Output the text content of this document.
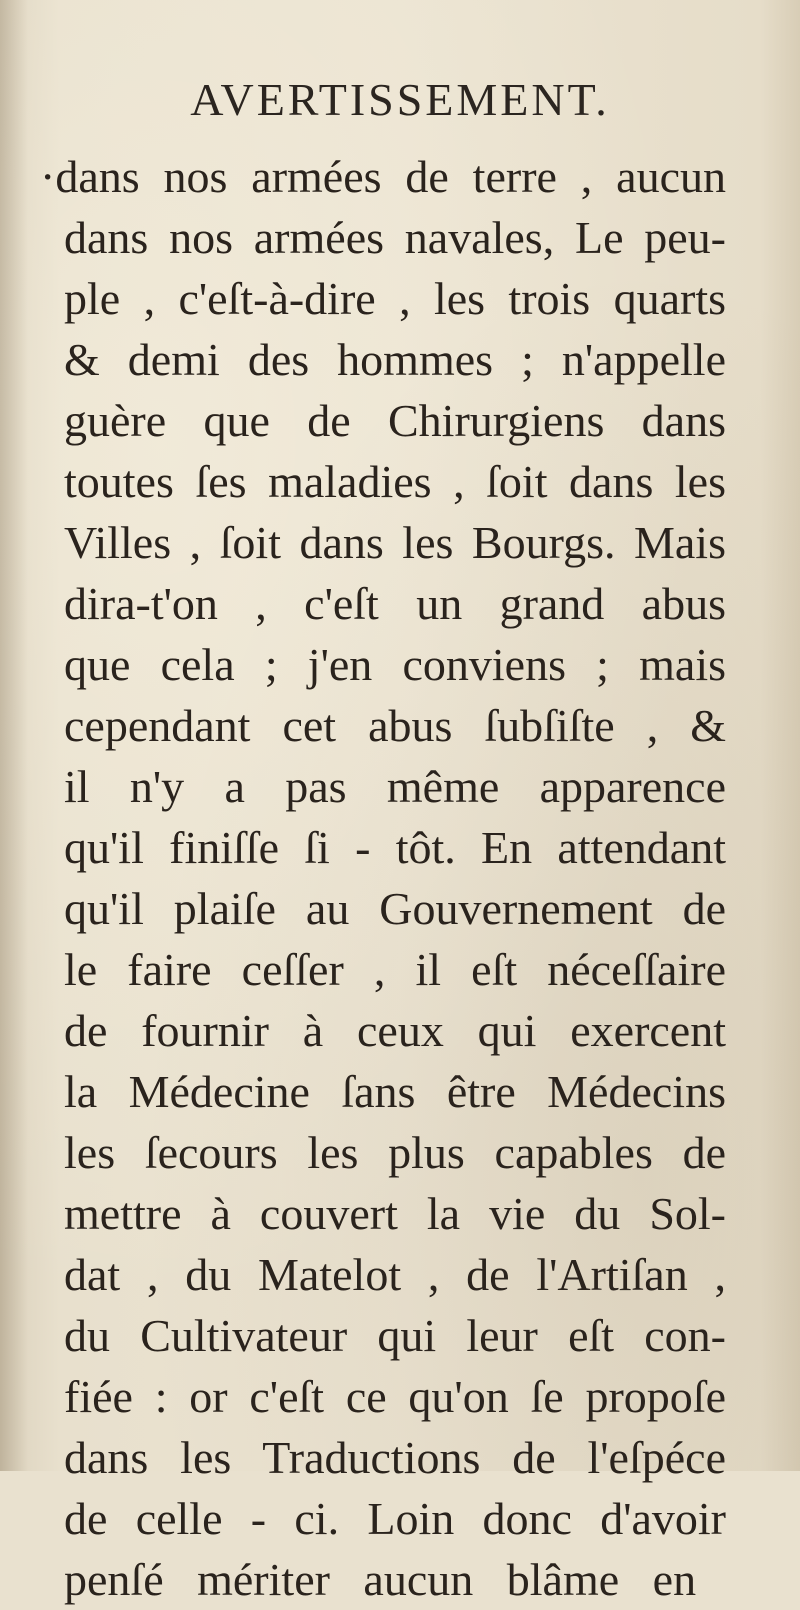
AVERTISSEMENT.
·dans nos armées de terre , aucun
dans nos armées navales, Le peu-
ple , c'eſt-à-dire , les trois quarts
& demi des hommes ; n'appelle
guère que de Chirurgiens dans
toutes ſes maladies , ſoit dans les
Villes , ſoit dans les Bourgs. Mais
dira-t'on , c'eſt un grand abus
que cela ; j'en conviens ; mais
cependant cet abus ſubſiſte , &
il n'y a pas même apparence
qu'il finiſſe ſi - tôt. En attendant
qu'il plaiſe au Gouvernement de
le faire ceſſer , il eſt néceſſaire
de fournir à ceux qui exercent
la Médecine ſans être Médecins
les ſecours les plus capables de
mettre à couvert la vie du Sol-
dat , du Matelot , de l'Artiſan ,
du Cultivateur qui leur eſt con-
fiée : or c'eſt ce qu'on ſe propoſe
dans les Traductions de l'eſpéce
de celle - ci. Loin donc d'avoir
penſé mériter aucun blâme en
